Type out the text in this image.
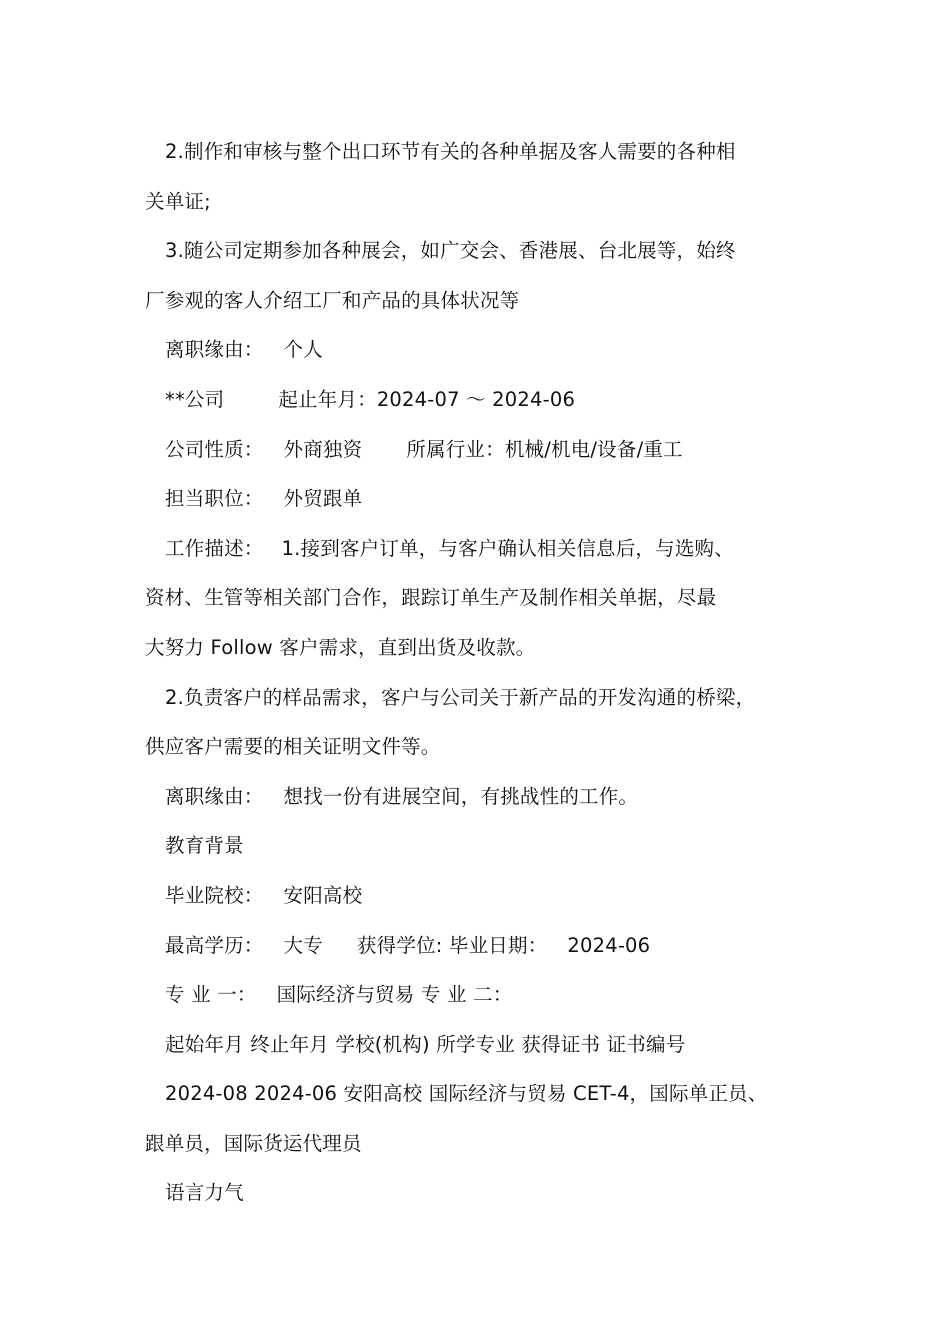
2.制作和审核与整个出口环节有关的各种单据及客人需要的各种相
关单证;
3.随公司定期参加各种展会，如广交会、香港展、台北展等，始终
厂参观的客人介绍工厂和产品的具体状况等
离职缘由： 个人
**公司	起止年月：2024-07 ～ 2024-06
公司性质： 外商独资 所属行业：机械/机电/设备/重工
担当职位： 外贸跟单
工作描述： 1.接到客户订单，与客户确认相关信息后，与选购、
资材、生管等相关部门合作，跟踪订单生产及制作相关单据，尽最
大努力 Follow 客户需求，直到出货及收款。
2.负责客户的样品需求，客户与公司关于新产品的开发沟通的桥梁，
供应客户需要的相关证明文件等。
离职缘由： 想找一份有进展空间，有挑战性的工作。
教育背景
毕业院校： 安阳高校
最高学历： 大专 获得学位: 毕业日期： 2024-06
专 业 一： 国际经济与贸易 专 业 二：
起始年月 终止年月 学校(机构) 所学专业 获得证书 证书编号
2024-08 2024-06 安阳高校 国际经济与贸易 CET-4，国际单正员、
跟单员，国际货运代理员
语言力气
